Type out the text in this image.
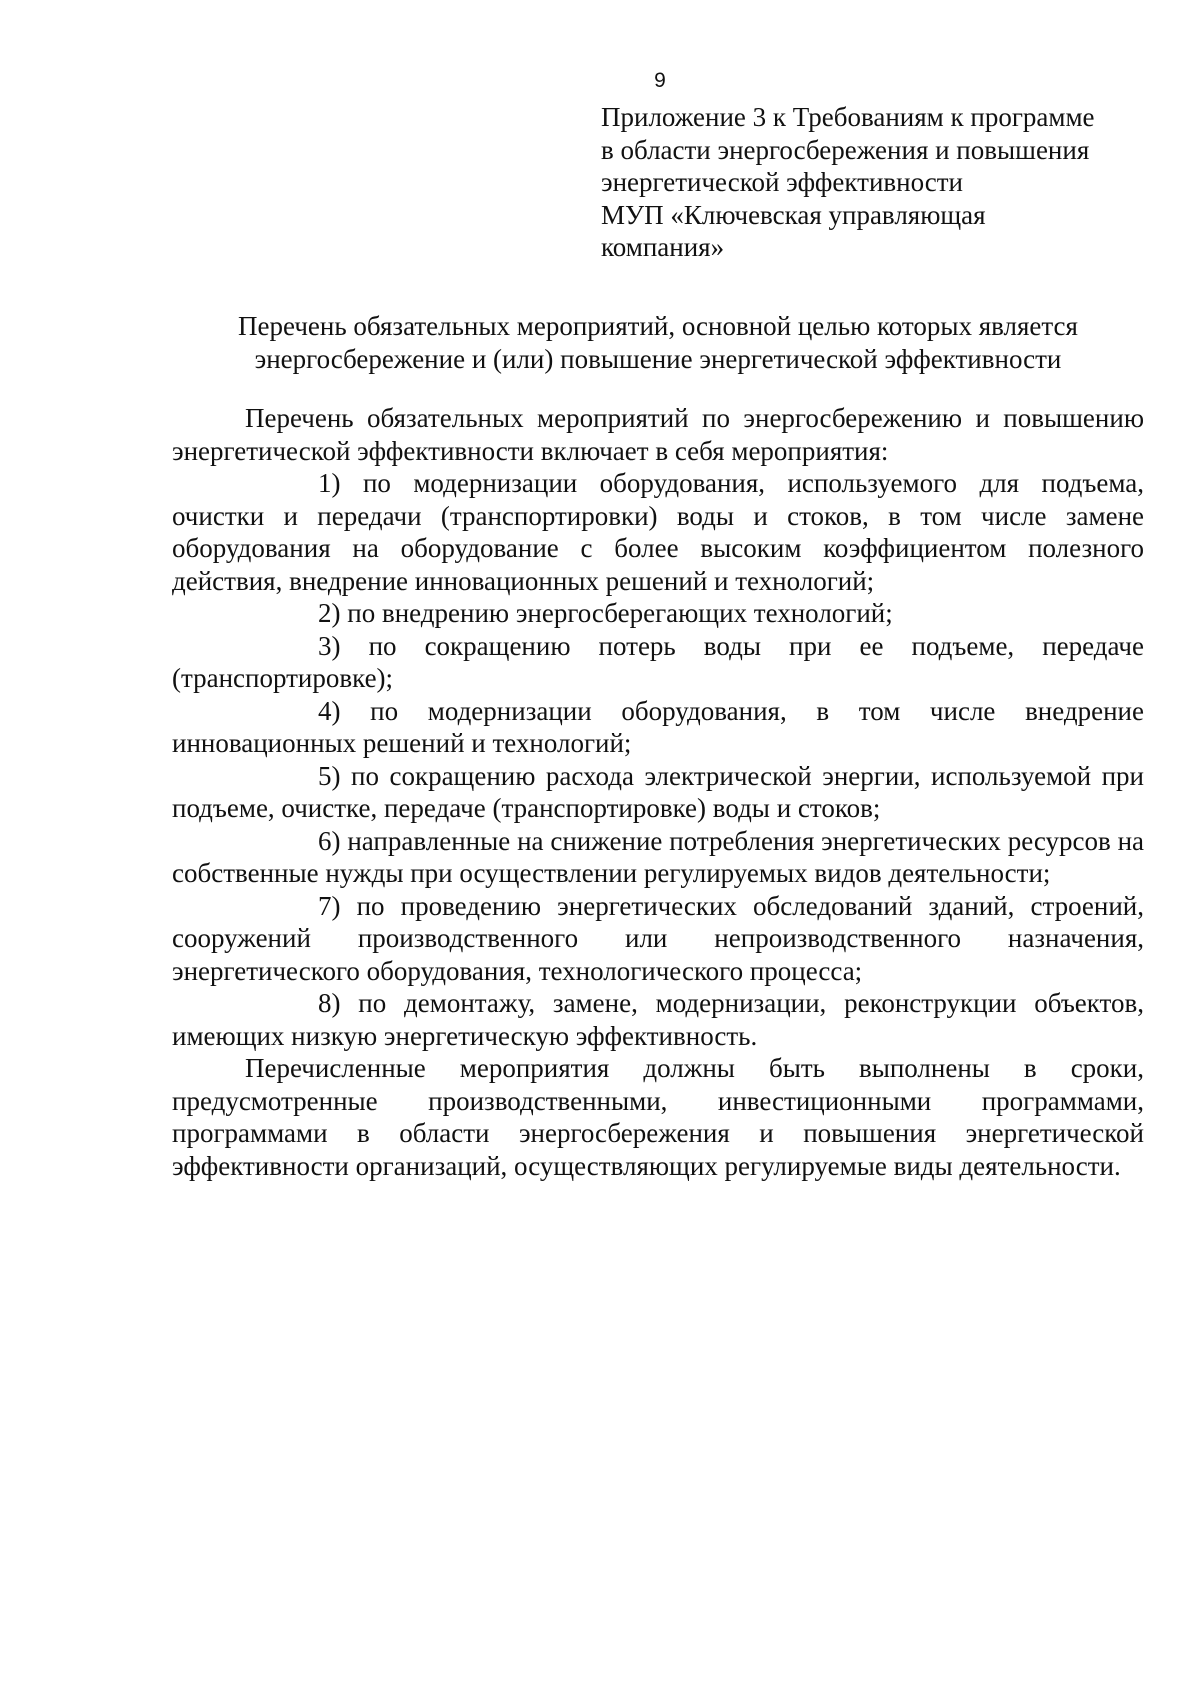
9
Приложение 3 к Требованиям к программе
в области энергосбережения и повышения
энергетической эффективности
МУП «Ключевская управляющая
компания»
Перечень обязательных мероприятий, основной целью которых является
энергосбережение и (или) повышение энергетической эффективности

Перечень обязательных мероприятий по энергосбережению и повышению энергетической эффективности включает в себя мероприятия:

1) по модернизации оборудования, используемого для подъема, очистки и передачи (транспортировки) воды и стоков, в том числе замене оборудования на оборудование с более высоким коэффициентом полезного действия, внедрение инновационных решений и технологий;

2) по внедрению энергосберегающих технологий;

3) по сокращению потерь воды при ее подъеме, передаче (транспортировке);

4) по модернизации оборудования, в том числе внедрение инновационных решений и технологий;

5) по сокращению расхода электрической энергии, используемой при подъеме, очистке, передаче (транспортировке) воды и стоков;

6) направленные на снижение потребления энергетических ресурсов на собственные нужды при осуществлении регулируемых видов деятельности;

7) по проведению энергетических обследований зданий, строений, сооружений производственного или непроизводственного назначения, энергетического оборудования, технологического процесса;

8) по демонтажу, замене, модернизации, реконструкции объектов, имеющих низкую энергетическую эффективность.

Перечисленные мероприятия должны быть выполнены в сроки, предусмотренные производственными, инвестиционными программами, программами в области энергосбережения и повышения энергетической эффективности организаций, осуществляющих регулируемые виды деятельности.
